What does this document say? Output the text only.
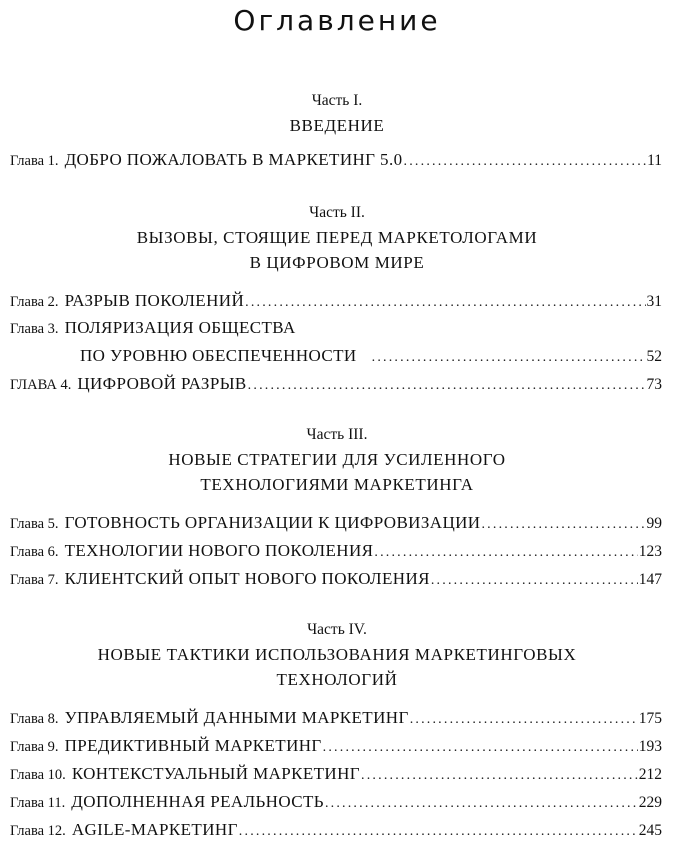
Оглавление
Часть I.
ВВЕДЕНИЕ
Глава 1. ДОБРО ПОЖАЛОВАТЬ В МАРКЕТИНГ 5.0 .....	11
Часть II.
ВЫЗОВЫ, СТОЯЩИЕ ПЕРЕД МАРКЕТОЛОГАМИ
В ЦИФРОВОМ МИРЕ
Глава 2. РАЗРЫВ ПОКОЛЕНИЙ .....	31
Глава 3. ПОЛЯРИЗАЦИЯ ОБЩЕСТВА
ПО УРОВНЮ ОБЕСПЕЧЕННОСТИ .....	52
ГЛАВА 4. ЦИФРОВОЙ РАЗРЫВ .....	73
Часть III.
НОВЫЕ СТРАТЕГИИ ДЛЯ УСИЛЕННОГО
ТЕХНОЛОГИЯМИ МАРКЕТИНГА
Глава 5. ГОТОВНОСТЬ ОРГАНИЗАЦИИ К ЦИФРОВИЗАЦИИ .....	99
Глава 6. ТЕХНОЛОГИИ НОВОГО ПОКОЛЕНИЯ .....	123
Глава 7. КЛИЕНТСКИЙ ОПЫТ НОВОГО ПОКОЛЕНИЯ .....	147
Часть IV.
НОВЫЕ ТАКТИКИ ИСПОЛЬЗОВАНИЯ МАРКЕТИНГОВЫХ
ТЕХНОЛОГИЙ
Глава 8. УПРАВЛЯЕМЫЙ ДАННЫМИ МАРКЕТИНГ .....	175
Глава 9. ПРЕДИКТИВНЫЙ МАРКЕТИНГ .....	193
Глава 10. КОНТЕКСТУАЛЬНЫЙ МАРКЕТИНГ .....	212
Глава 11. ДОПОЛНЕННАЯ РЕАЛЬНОСТЬ .....	229
Глава 12. AGILE-МАРКЕТИНГ .....	245
